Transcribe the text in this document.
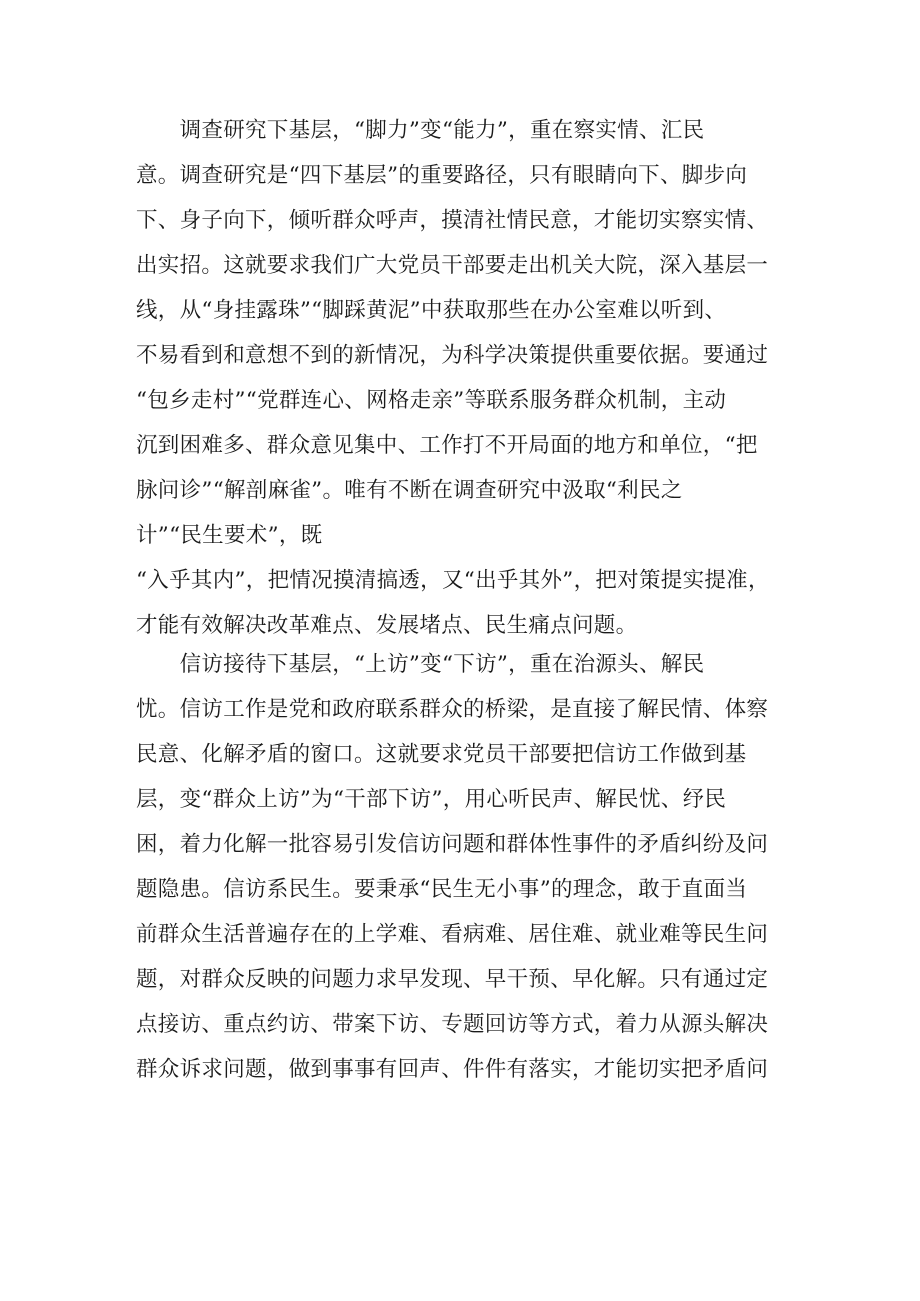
　　调查研究下基层，“脚力”变“能力”，重在察实情、汇民
意。调查研究是“四下基层”的重要路径，只有眼睛向下、脚步向
下、身子向下，倾听群众呼声，摸清社情民意，才能切实察实情、
出实招。这就要求我们广大党员干部要走出机关大院，深入基层一
线，从“身挂露珠”“脚踩黄泥”中获取那些在办公室难以听到、
不易看到和意想不到的新情况，为科学决策提供重要依据。要通过
“包乡走村”“党群连心、网格走亲”等联系服务群众机制，主动
沉到困难多、群众意见集中、工作打不开局面的地方和单位，“把
脉问诊”“解剖麻雀”。唯有不断在调查研究中汲取“利民之
计”“民生要术”，既
“入乎其内”，把情况摸清搞透，又“出乎其外”，把对策提实提准，
才能有效解决改革难点、发展堵点、民生痛点问题。
　　信访接待下基层，“上访”变“下访”，重在治源头、解民
忧。信访工作是党和政府联系群众的桥梁，是直接了解民情、体察
民意、化解矛盾的窗口。这就要求党员干部要把信访工作做到基
层，变“群众上访”为“干部下访”，用心听民声、解民忧、纾民
困，着力化解一批容易引发信访问题和群体性事件的矛盾纠纷及问
题隐患。信访系民生。要秉承“民生无小事”的理念，敢于直面当
前群众生活普遍存在的上学难、看病难、居住难、就业难等民生问
题，对群众反映的问题力求早发现、早干预、早化解。只有通过定
点接访、重点约访、带案下访、专题回访等方式，着力从源头解决
群众诉求问题，做到事事有回声、件件有落实，才能切实把矛盾问
